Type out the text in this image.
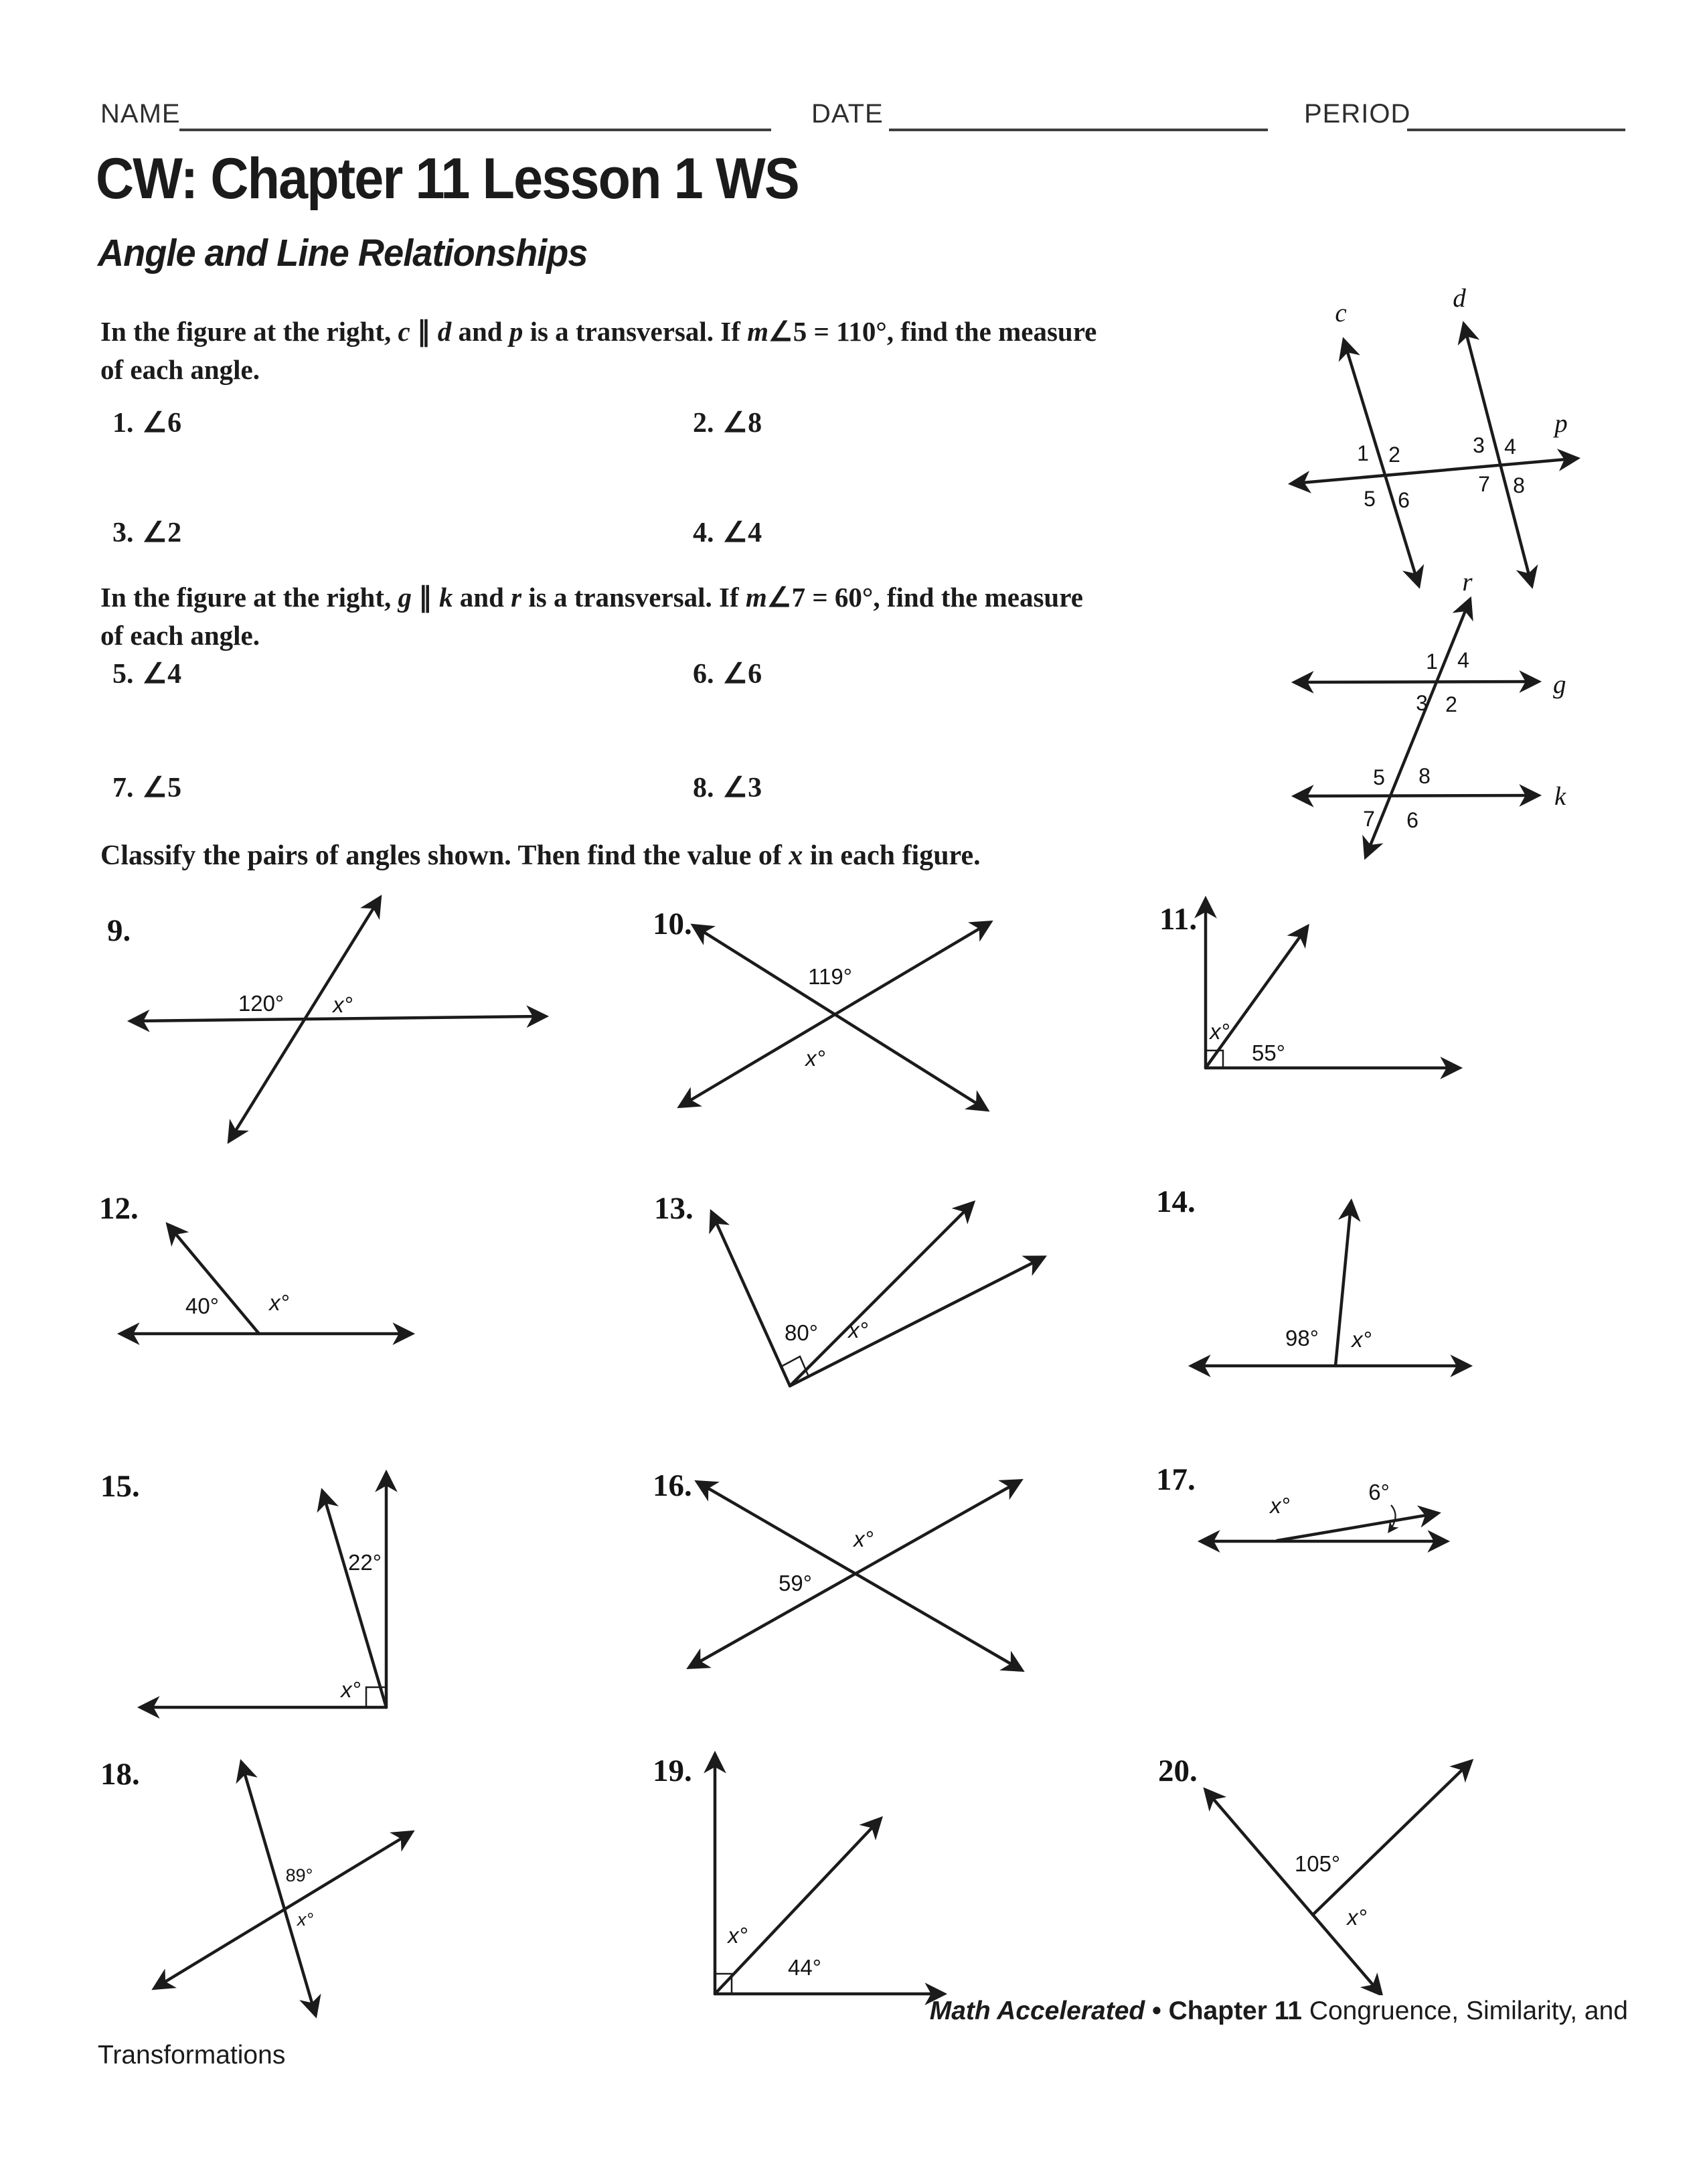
NAME	DATE	PERIOD
CW: Chapter 11 Lesson 1 WS
Angle and Line Relationships
In the figure at the right, c ∥ d and p is a transversal. If m∠5 = 110°, find the measure
of each angle.
1. ∠6	2. ∠8
3. ∠2	4. ∠4
c
d
p
1 2
5 6
3 4
7 8
In the figure at the right, g ∥ k and r is a transversal. If m∠7 = 60°, find the measure
of each angle.
5. ∠4	6. ∠6
7. ∠5	8. ∠3
r
g
k
1 4
3 2
5 8
7 6
Classify the pairs of angles shown. Then find the value of x in each figure.
9.
120° x°
10.
119°
x°
11.
x°
55°
12.
40° x°
13.
80° x°
14.
98° x°
15.
22°
x°
16.
x°
59°
17.
x°
6°
18.
89°
x°
19.
x°
44°
20.
105°
x°
Math Accelerated • Chapter 11 Congruence, Similarity, and
Transformations
